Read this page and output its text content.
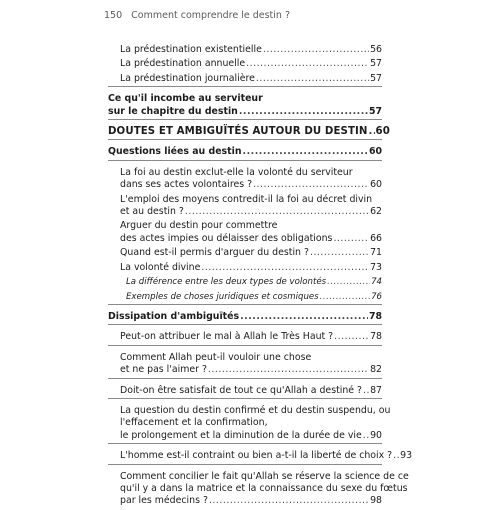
150 Comment comprendre le destin ?
La prédestination existentielle .....	56
La prédestination annuelle .....	57
La prédestination journalière .....	57
Ce qu'il incombe au serviteur
sur le chapitre du destin .....	57
DOUTES ET AMBIGUÏTÉS AUTOUR DU DESTIN ..... 60
Questions liées au destin .....	60
La foi au destin exclut-elle la volonté du serviteur
dans ses actes volontaires ? .....	60
L'emploi des moyens contredit-il la foi au décret divin
et au destin ? .....	62
Arguer du destin pour commettre
des actes impies ou délaisser des obligations .....	66
Quand est-il permis d'arguer du destin ? .....	71
La volonté divine .....	73
La différence entre les deux types de volontés .....	74
Exemples de choses juridiques et cosmiques .....	76
Dissipation d'ambiguïtés .....	78
Peut-on attribuer le mal à Allah le Très Haut ? .....	78
Comment Allah peut-il vouloir une chose
et ne pas l'aimer ? .....	82
Doit-on être satisfait de tout ce qu'Allah a destiné ? ..... 87
La question du destin confirmé et du destin suspendu, ou
l'effacement et la confirmation,
le prolongement et la diminution de la durée de vie ..... 90
L'homme est-il contraint ou bien a-t-il la liberté de choix ? ..... 93
Comment concilier le fait qu'Allah se réserve la science de ce
qu'il y a dans la matrice et la connaissance du sexe du fœtus
par les médecins ? .....	98
